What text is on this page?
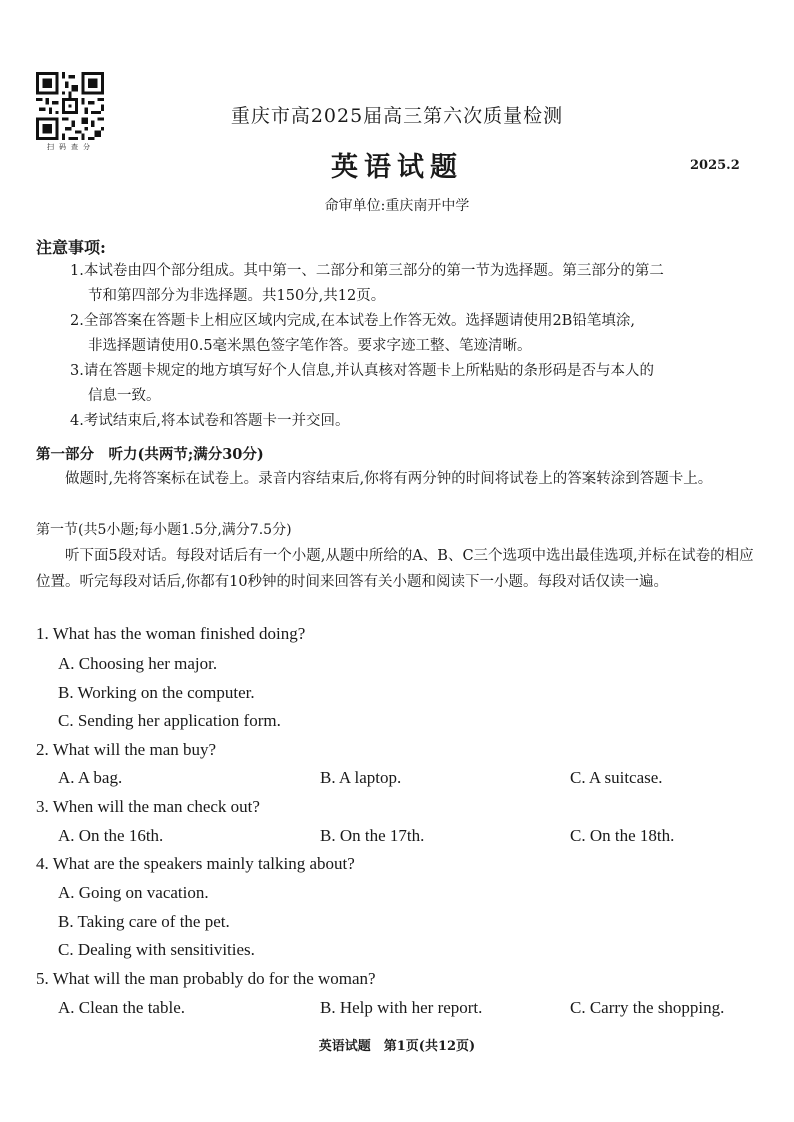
扫码查分
重庆市高2025届高三第六次质量检测
英语试题	2025.2
命审单位:重庆南开中学
注意事项:
1.本试卷由四个部分组成。其中第一、二部分和第三部分的第一节为选择题。第三部分的第二
节和第四部分为非选择题。共150分,共12页。
2.全部答案在答题卡上相应区域内完成,在本试卷上作答无效。选择题请使用2B铅笔填涂,
非选择题请使用0.5毫米黑色签字笔作答。要求字迹工整、笔迹清晰。
3.请在答题卡规定的地方填写好个人信息,并认真核对答题卡上所粘贴的条形码是否与本人的
信息一致。
4.考试结束后,将本试卷和答题卡一并交回。
第一部分　听力(共两节;满分30分)
做题时,先将答案标在试卷上。录音内容结束后,你将有两分钟的时间将试卷上的答案转涂到答题卡上。
第一节(共5小题;每小题1.5分,满分7.5分)
听下面5段对话。每段对话后有一个小题,从题中所给的A、B、C三个选项中选出最佳选项,并标在试卷的相应位置。听完每段对话后,你都有10秒钟的时间来回答有关小题和阅读下一小题。每段对话仅读一遍。
1. What has the woman finished doing?
A. Choosing her major.
B. Working on the computer.
C. Sending her application form.
2. What will the man buy?
A. A bag.	B. A laptop.	C. A suitcase.
3. When will the man check out?
A. On the 16th.	B. On the 17th.	C. On the 18th.
4. What are the speakers mainly talking about?
A. Going on vacation.
B. Taking care of the pet.
C. Dealing with sensitivities.
5. What will the man probably do for the woman?
A. Clean the table.	B. Help with her report.	C. Carry the shopping.
英语试题　第1页(共12页)
